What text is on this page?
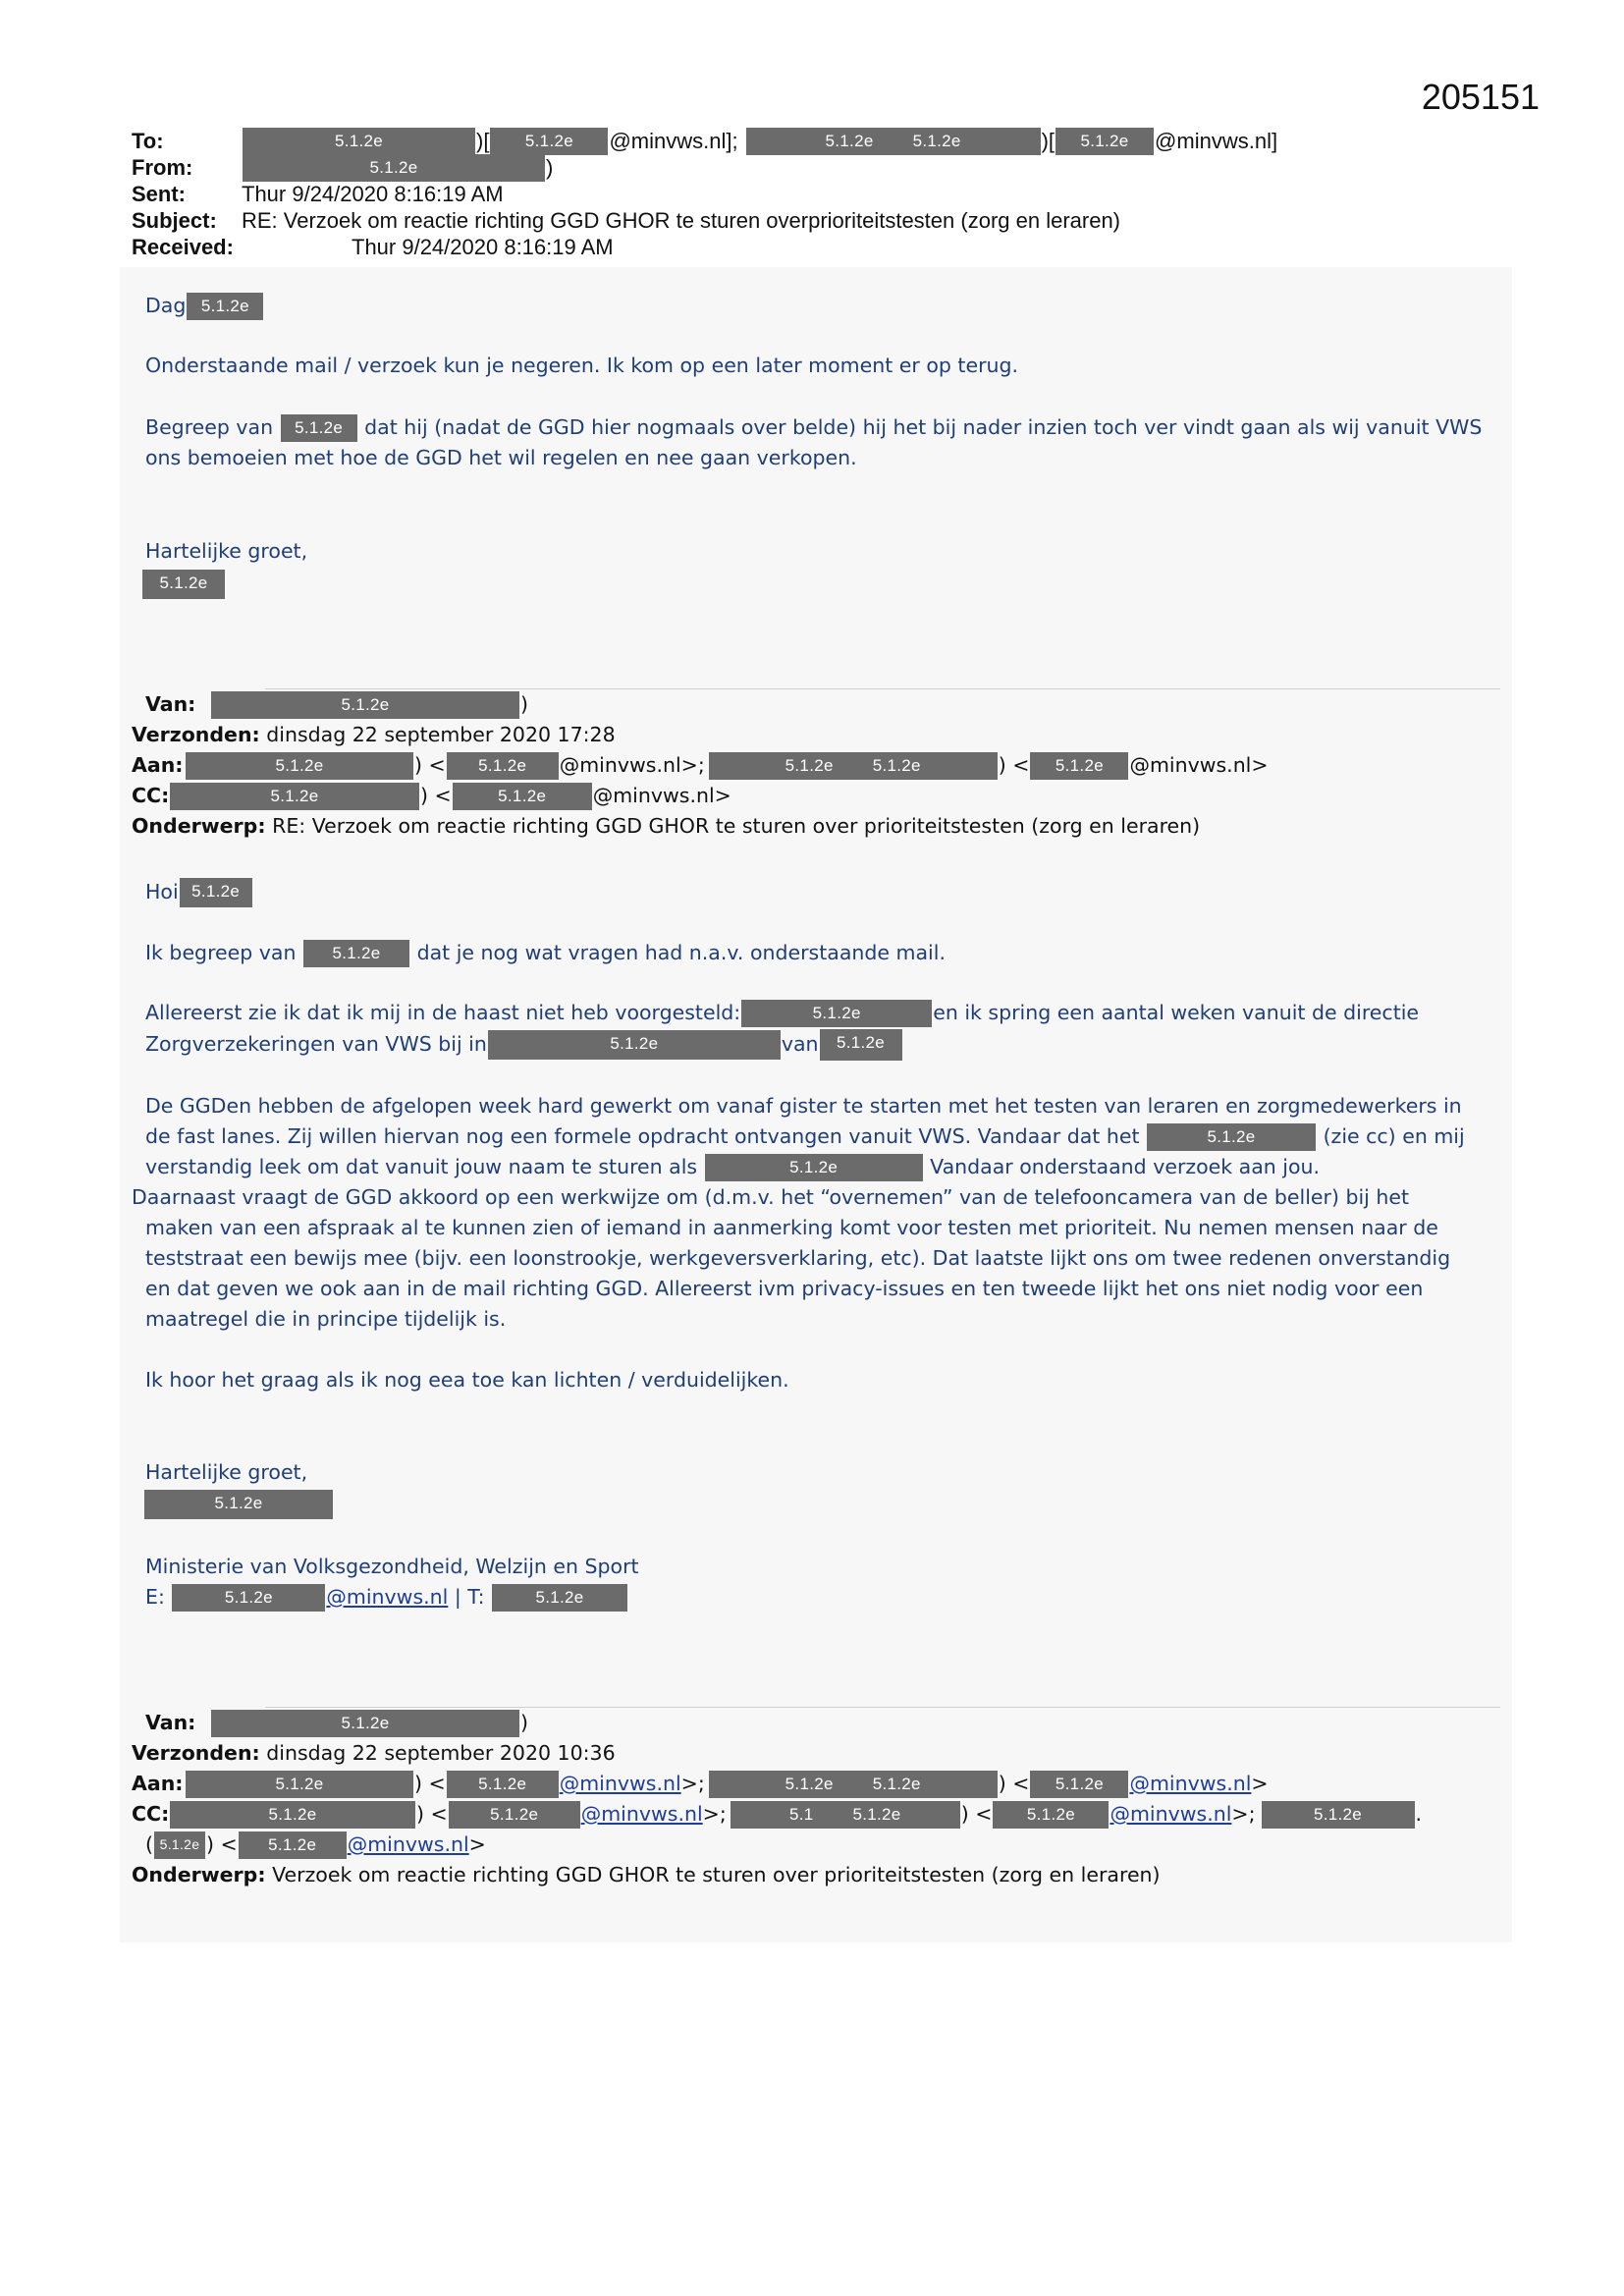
205151
To:	5.1.2e	)[	5.1.2e	@minvws.nl];	5.1.2e 5.1.2e	)[	5.1.2e	@minvws.nl]
From:	5.1.2e	)
Sent:	Thur 9/24/2020 8:16:19 AM
Subject:	RE: Verzoek om reactie richting GGD GHOR te sturen overprioriteitstesten (zorg en leraren)
Received:	Thur 9/24/2020 8:16:19 AM
Dag 5.1.2e
Onderstaande mail / verzoek kun je negeren. Ik kom op een later moment er op terug.
Begreep van 5.1.2e dat hij (nadat de GGD hier nogmaals over belde) hij het bij nader inzien toch ver vindt gaan als wij vanuit VWS
ons bemoeien met hoe de GGD het wil regelen en nee gaan verkopen.
Hartelijke groet,
5.1.2e
Van:	5.1.2e	)
Verzonden:
dinsdag 22 september 2020 17:28
Aan:	5.1.2e	) <	5.1.2e	@minvws.nl>;	5.1.2e 5.1.2e	) <	5.1.2e	@minvws.nl>
CC:	5.1.2e	) <	5.1.2e	@minvws.nl>
Onderwerp:
RE: Verzoek om reactie richting GGD GHOR te sturen over prioriteitstesten (zorg en leraren)
Hoi 5.1.2e
Ik begreep van 5.1.2e dat je nog wat vragen had n.a.v. onderstaande mail.
Allereerst zie ik dat ik mij in de haast niet heb voorgesteld:	5.1.2e	en ik spring een aantal weken vanuit de directie
Zorgverzekeringen van VWS bij in	5.1.2e	van 5.1.2e
De GGDen hebben de afgelopen week hard gewerkt om vanaf gister te starten met het testen van leraren en zorgmedewerkers in
de fast lanes. Zij willen hiervan nog een formele opdracht ontvangen vanuit VWS. Vandaar dat het	5.1.2e	(zie cc) en mij
verstandig leek om dat vanuit jouw naam te sturen als	5.1.2e	Vandaar onderstaand verzoek aan jou.
Daarnaast vraagt de GGD akkoord op een werkwijze om (d.m.v. het “overnemen” van de telefooncamera van de beller) bij het
maken van een afspraak al te kunnen zien of iemand in aanmerking komt voor testen met prioriteit. Nu nemen mensen naar de
teststraat een bewijs mee (bijv. een loonstrookje, werkgeversverklaring, etc). Dat laatste lijkt ons om twee redenen onverstandig
en dat geven we ook aan in de mail richting GGD. Allereerst ivm privacy-issues en ten tweede lijkt het ons niet nodig voor een
maatregel die in principe tijdelijk is.
Ik hoor het graag als ik nog eea toe kan lichten / verduidelijken.
Hartelijke groet,
5.1.2e
Ministerie van Volksgezondheid, Welzijn en Sport
E:	5.1.2e	@minvws.nl | T:	5.1.2e
Van:	5.1.2e	)
Verzonden:
dinsdag 22 september 2020 10:36
Aan:	5.1.2e	) <	5.1.2e	@minvws.nl >;	5.1.2e 5.1.2e	) <	5.1.2e	@minvws.nl >
CC:	5.1.2e	) <	5.1.2e	@minvws.nl >;	5.1 5.1.2e	) <	5.1.2e	@minvws.nl >;	5.1.2e	.
( 5.1.2e ) <	5.1.2e	@minvws.nl >
Onderwerp:
Verzoek om reactie richting GGD GHOR te sturen over prioriteitstesten (zorg en leraren)
